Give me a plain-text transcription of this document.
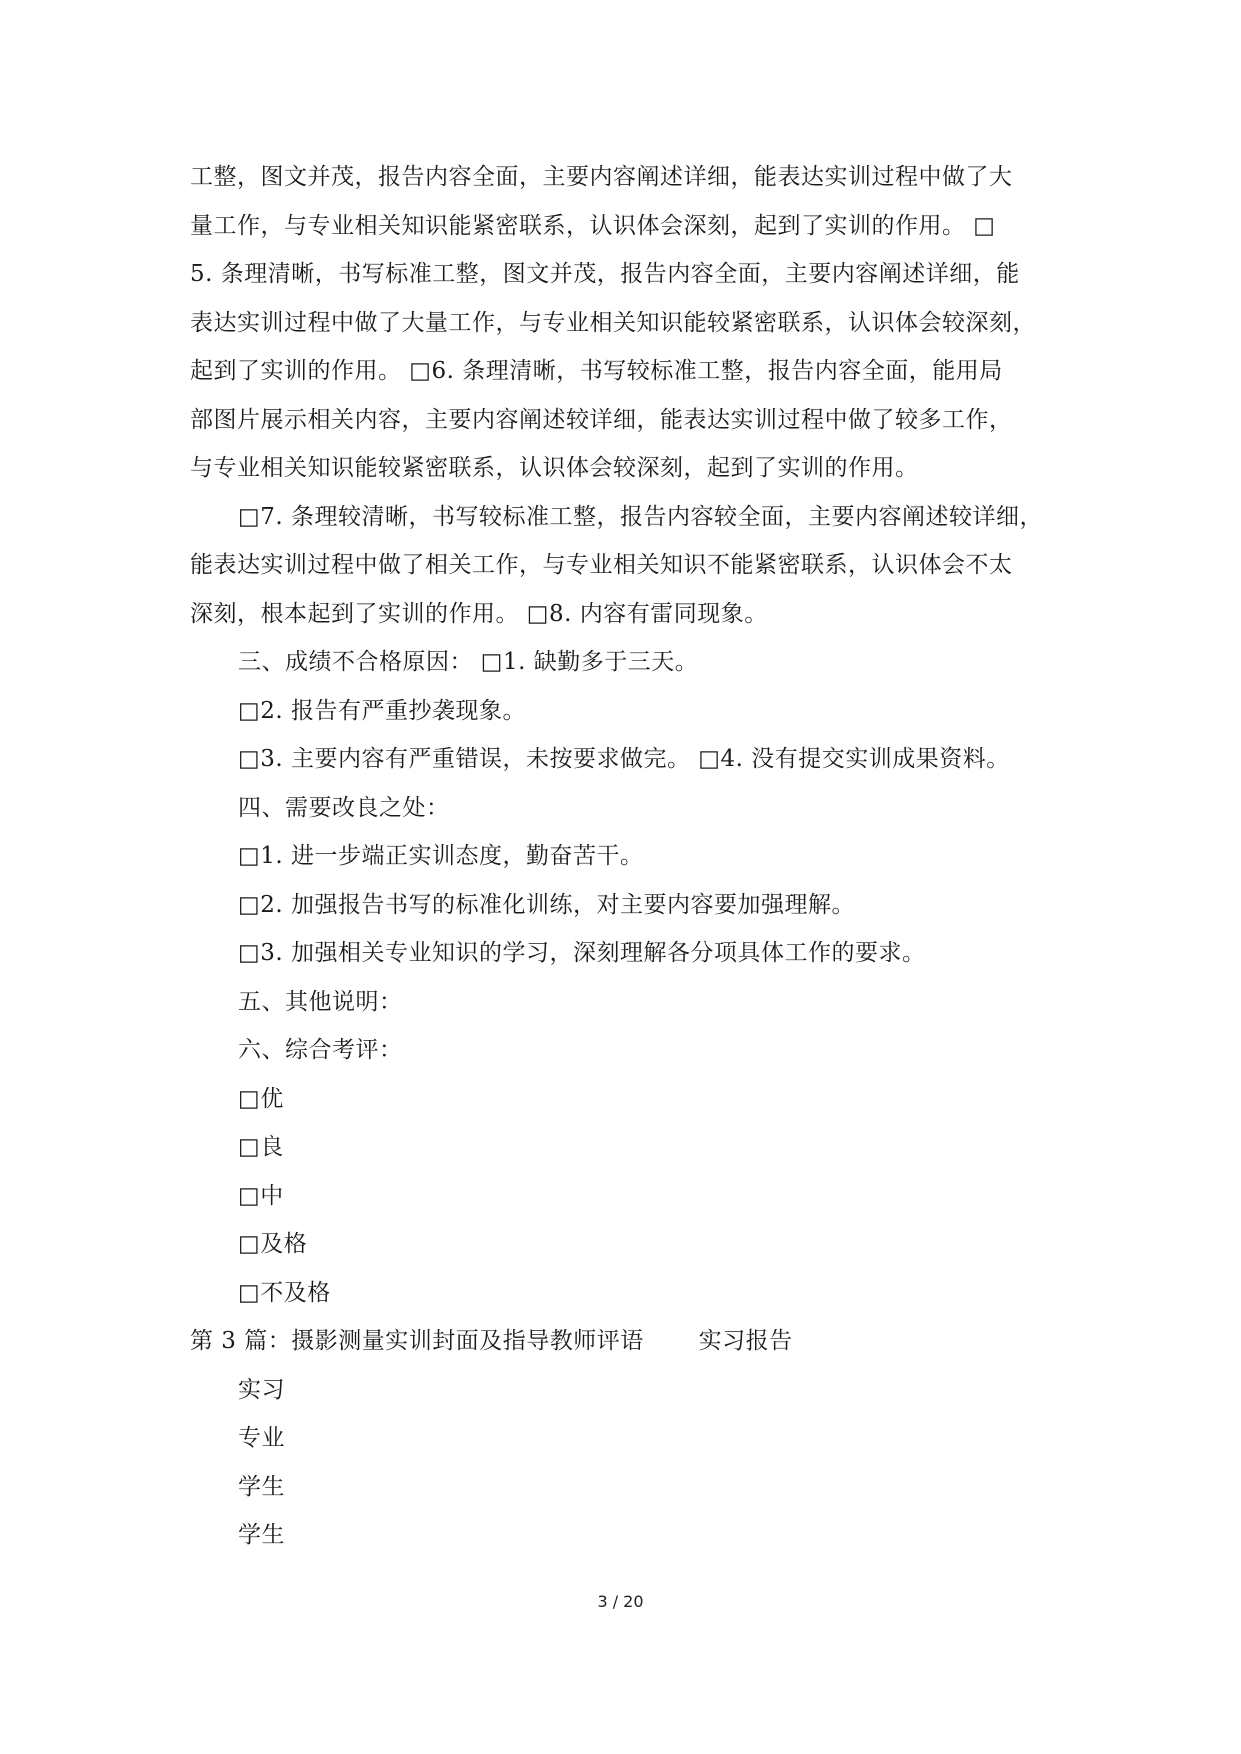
工整，图文并茂，报告内容全面，主要内容阐述详细，能表达实训过程中做了大
量工作，与专业相关知识能紧密联系，认识体会深刻，起到了实训的作用。 □
5. 条理清晰，书写标准工整，图文并茂，报告内容全面，主要内容阐述详细，能
表达实训过程中做了大量工作，与专业相关知识能较紧密联系，认识体会较深刻，
起到了实训的作用。 □6. 条理清晰，书写较标准工整，报告内容全面，能用局
部图片展示相关内容，主要内容阐述较详细，能表达实训过程中做了较多工作，
与专业相关知识能较紧密联系，认识体会较深刻，起到了实训的作用。
□7. 条理较清晰，书写较标准工整，报告内容较全面，主要内容阐述较详细，
能表达实训过程中做了相关工作，与专业相关知识不能紧密联系，认识体会不太
深刻，根本起到了实训的作用。 □8. 内容有雷同现象。
三、成绩不合格原因： □1. 缺勤多于三天。
□2. 报告有严重抄袭现象。
□3. 主要内容有严重错误，未按要求做完。 □4. 没有提交实训成果资料。
四、需要改良之处：
□1. 进一步端正实训态度，勤奋苦干。
□2. 加强报告书写的标准化训练，对主要内容要加强理解。
□3. 加强相关专业知识的学习，深刻理解各分项具体工作的要求。
五、其他说明：
六、综合考评：
□优
□良
□中
□及格
□不及格
第 3 篇：摄影测量实训封面及指导教师评语　　 实习报告
实习
专业
学生
学生
3 / 20
